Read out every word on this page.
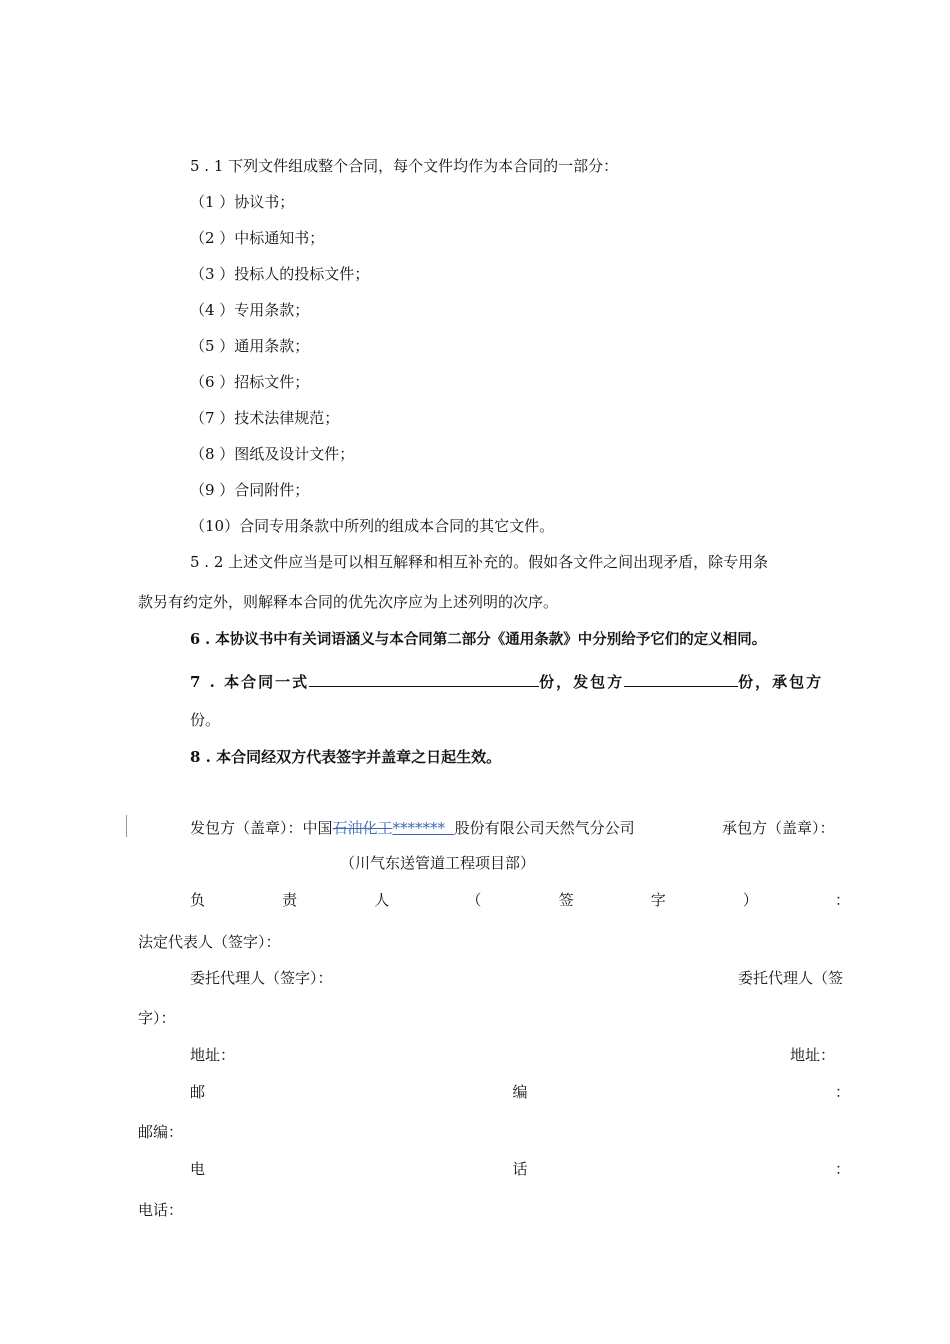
5 . 1 下列文件组成整个合同，每个文件均作为本合同的一部分：
（1 ）协议书；
（2 ）中标通知书；
（3 ）投标人的投标文件；
（4 ）专用条款；
（5 ）通用条款；
（6 ）招标文件；
（7 ）技术法律规范；
（8 ）图纸及设计文件；
（9 ）合同附件；
（10）合同专用条款中所列的组成本合同的其它文件。
5 . 2 上述文件应当是可以相互解释和相互补充的。假如各文件之间出现矛盾，除专用条
款另有约定外，则解释本合同的优先次序应为上述列明的次序。
6 . 本协议书中有关词语涵义与本合同第二部分《通用条款》中分别给予它们的定义相同。
7 . 本合同一式	份，发包方	份，承包方
份。
8 . 本合同经双方代表签字并盖章之日起生效。
发包方（盖章）：中国石油化工******* 股份有限公司天然气分公司	承包方（盖章）：
（川气东送管道工程项目部）
负	责	人	（	签	字	）	：
法定代表人（签字）：
委托代理人（签字）：	委托代理人（签
字）：
地址：	地址：
邮	编	：
邮编：
电	话	：
电话：
